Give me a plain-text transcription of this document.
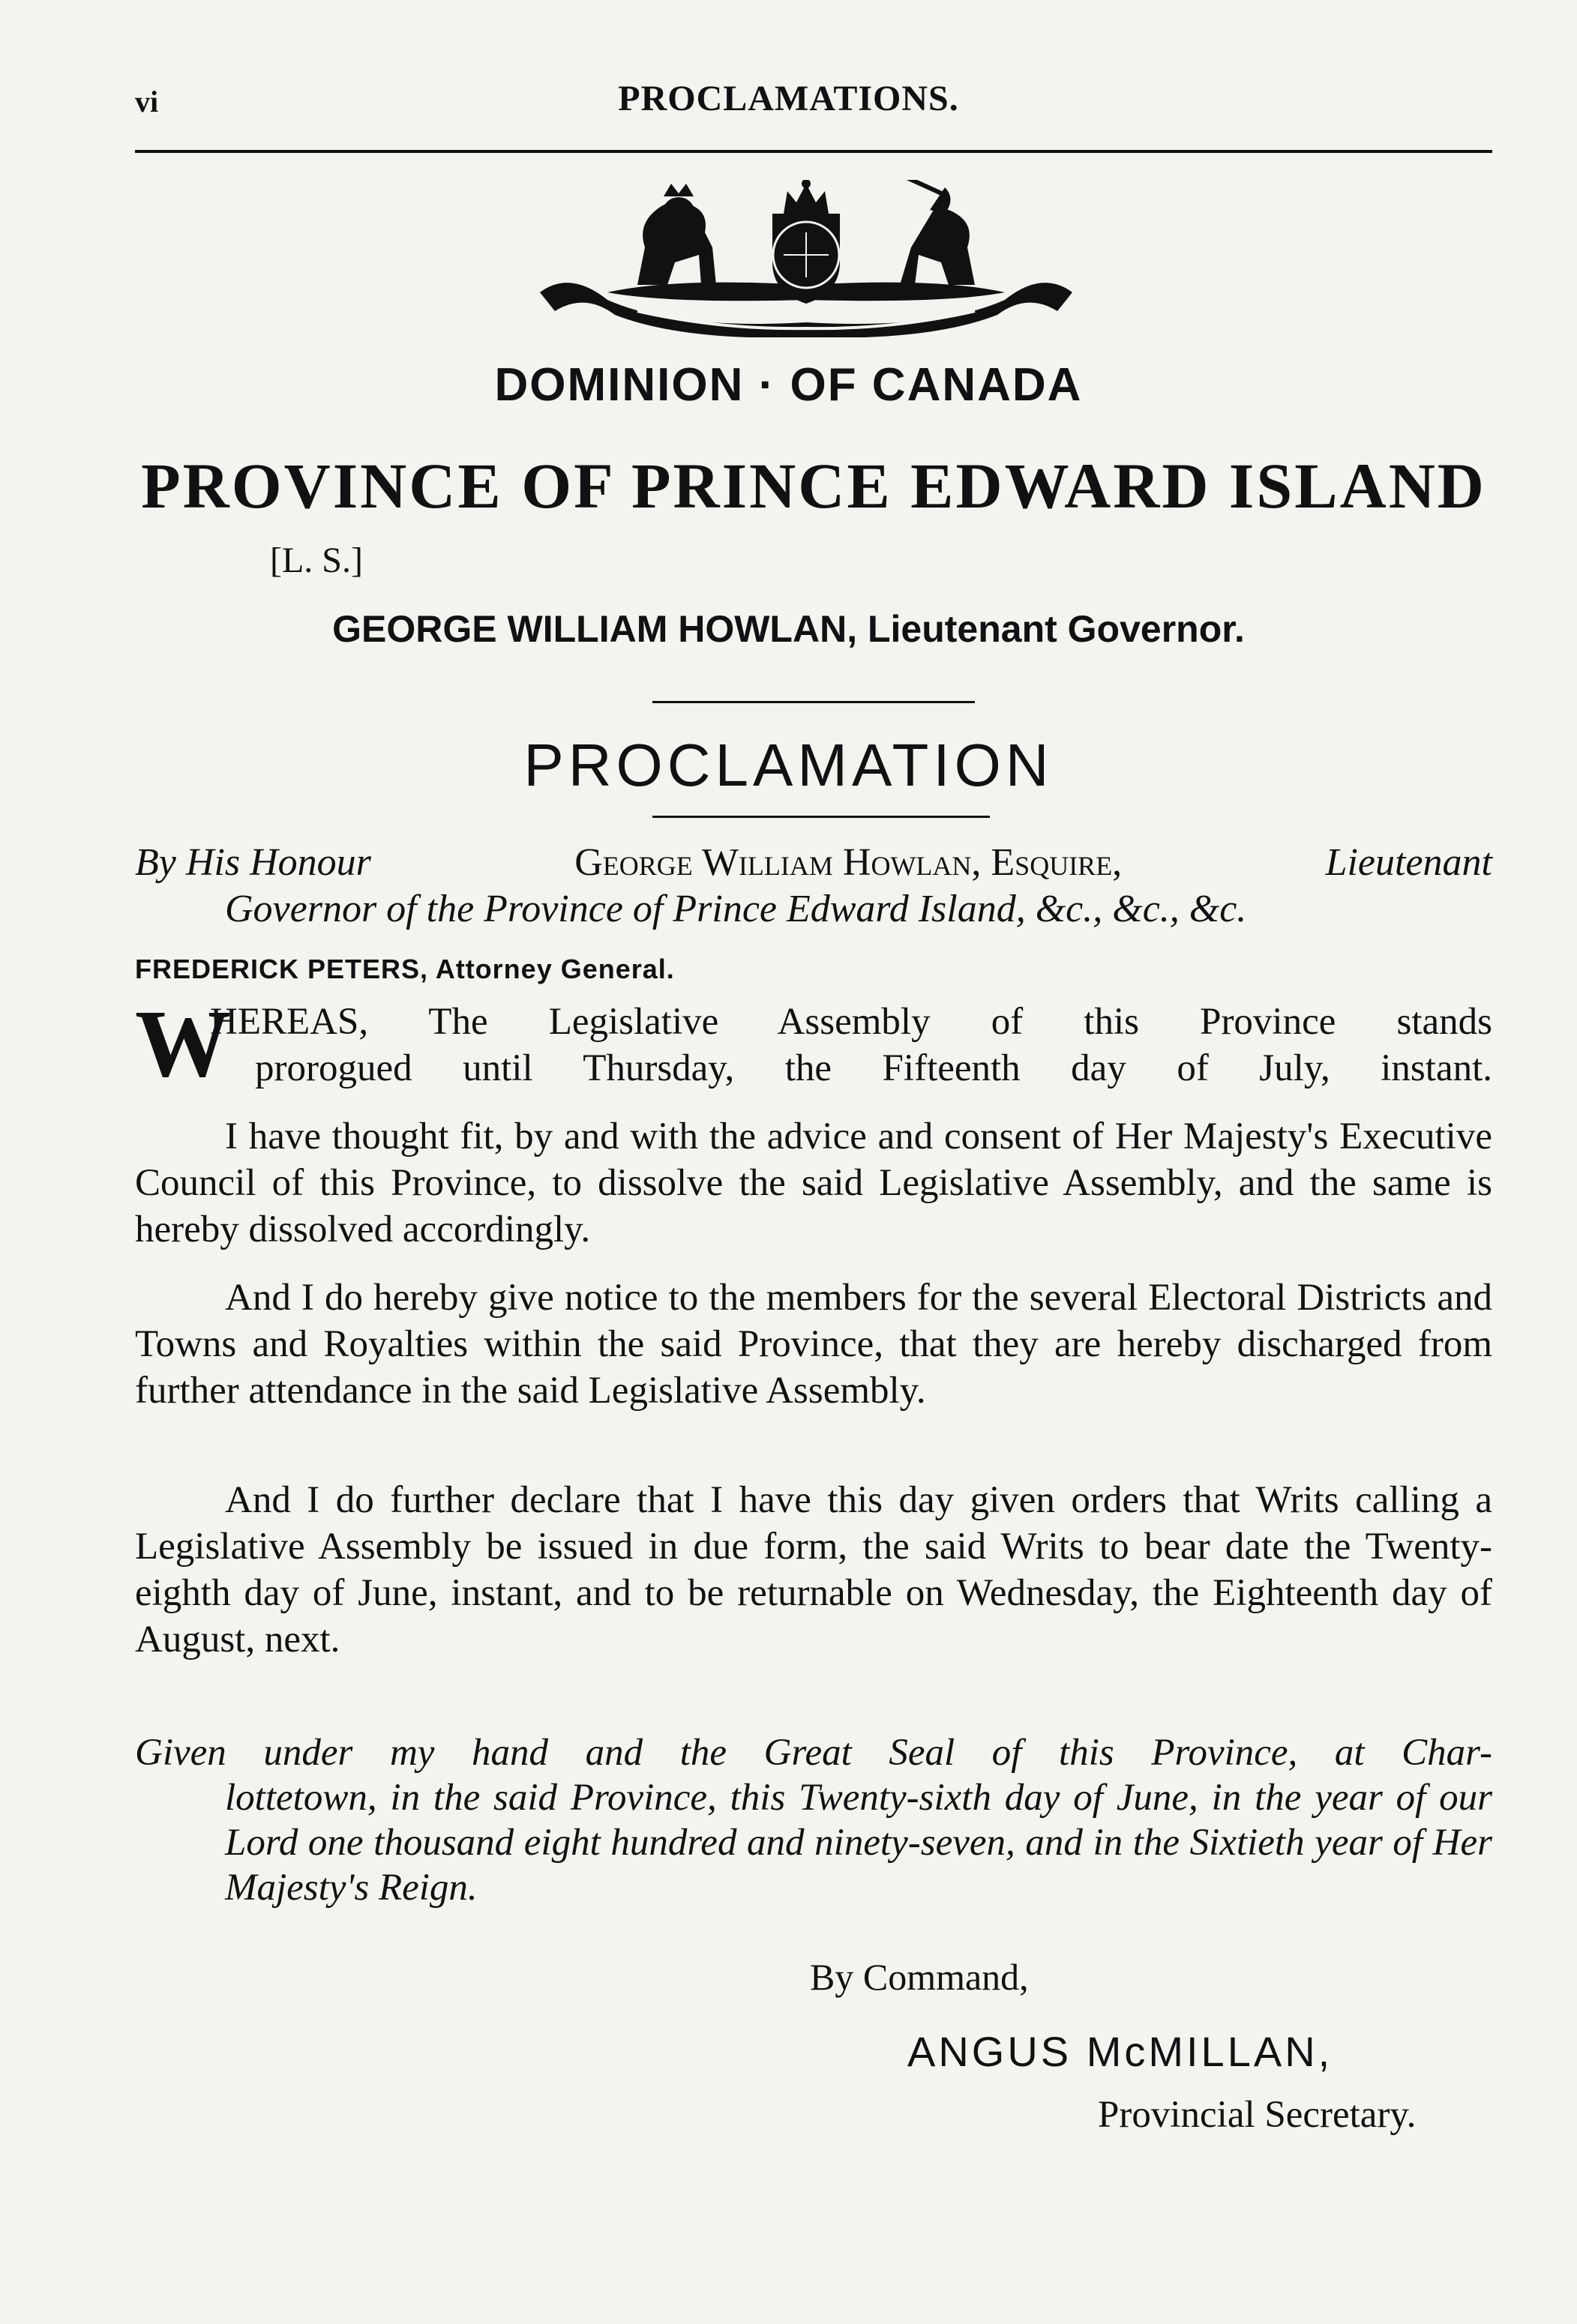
vi	PROCLAMATIONS.
DOMINION · OF CANADA
PROVINCE OF PRINCE EDWARD ISLAND
[L. S.]
GEORGE WILLIAM HOWLAN, Lieutenant Governor.
PROCLAMATION
By His Honour	George William Howlan, Esquire,	Lieutenant
Governor of the Province of Prince Edward Island, &c., &c., &c.
FREDERICK PETERS, Attorney General.
W
HEREAS, The Legislative Assembly of this Province stands
prorogued until Thursday, the Fifteenth day of July, instant.
I have thought fit, by and with the advice and consent of Her Majesty's Executive Council of this Province, to dissolve the said Legislative Assembly, and the same is hereby dissolved accordingly.
And I do hereby give notice to the members for the several Electoral Districts and Towns and Royalties within the said Province, that they are hereby discharged from further attendance in the said Legislative Assembly.
And I do further declare that I have this day given orders that Writs calling a Legislative Assembly be issued in due form, the said Writs to bear date the Twenty-eighth day of June, instant, and to be returnable on Wednesday, the Eighteenth day of August, next.
Given under my hand and the Great Seal of this Province, at Char-
lottetown, in the said Province, this Twenty-sixth day of June, in the year of our Lord one thousand eight hundred and ninety-seven, and in the Sixtieth year of Her Majesty's Reign.
By Command,
ANGUS McMILLAN,
Provincial Secretary.
